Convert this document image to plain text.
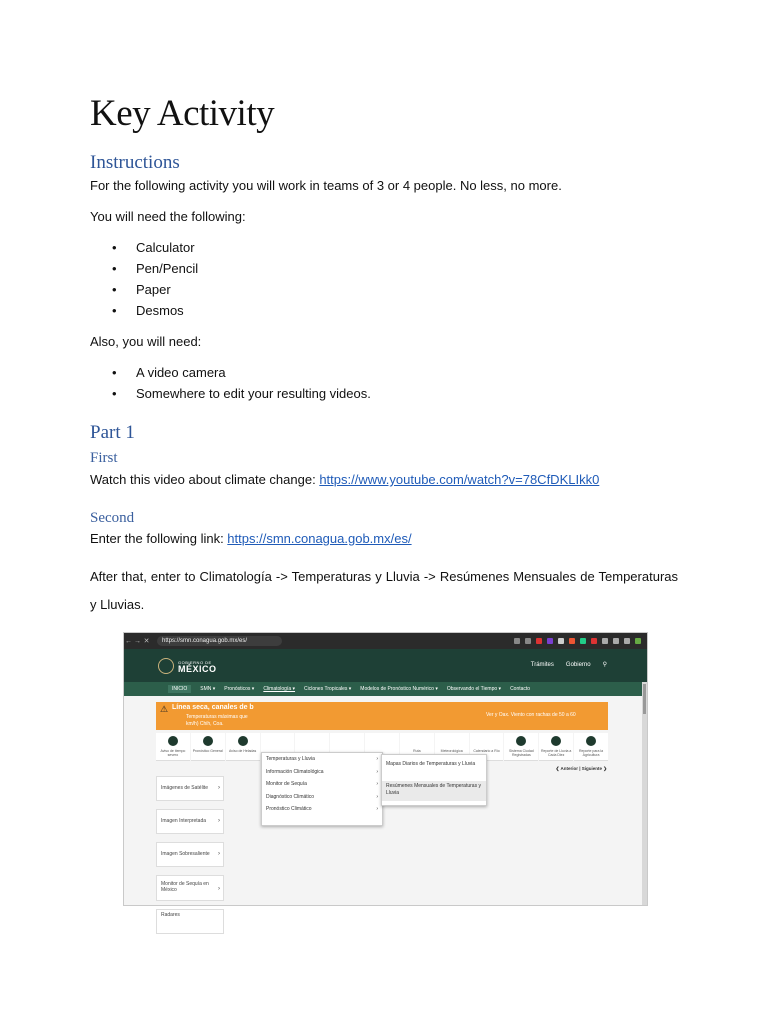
Key Activity
Instructions

For the following activity you will work in teams of 3 or 4 people. No less, no more.

You will need the following:

• Calculator
• Pen/Pencil
• Paper
• Desmos

Also, you will need:

• A video camera
• Somewhere to edit your resulting videos.
Part 1
First

Watch this video about climate change: https://www.youtube.com/watch?v=78CfDKLIkk0

Second

Enter the following link: https://smn.conagua.gob.mx/es/

After that, enter to Climatología -> Temperaturas y Lluvia -> Resúmenes Mensuales de Temperaturas y Lluvias.

← → ✕ https://smn.conagua.gob.mx/es/
GOBIERNO DE
MÉXICO	Trámites Gobierno ⚲
INICIO	SMN ▾ Pronósticos ▾ Climatología ▾ Ciclones Tropicales ▾ Modelos de Pronóstico Numérico ▾ Observando el Tiempo ▾ Contacto
⚠ Línea seca, canales de b
Temperaturas máximas que
km/h) Chih, Coa.
Ver y Oax. Viento con rachas de 50 a 60
Aviso de tiempo severo
Pronóstico General	Aviso de Heladas	Ruta	Meteorológica	Calendario a Río	Sistema Ciudad Registradas
Reporte de Lluvia a Cada Diez
Reporte para la Agricultura
❮ Anterior | Siguiente ❯
Imágenes de Satélite ›
Imagen Interpretada ›
Imagen Sobresaliente ›
Monitor de Sequía en México	›
Radares
Temperaturas y Lluvia	›
Información Climatológica	›
Monitor de Sequía	›
Diagnóstico Climático	›
Pronóstico Climático	›
Mapas Diarios de Temperaturas y Lluvia
Resúmenes Mensuales de Temperaturas y Lluvia
